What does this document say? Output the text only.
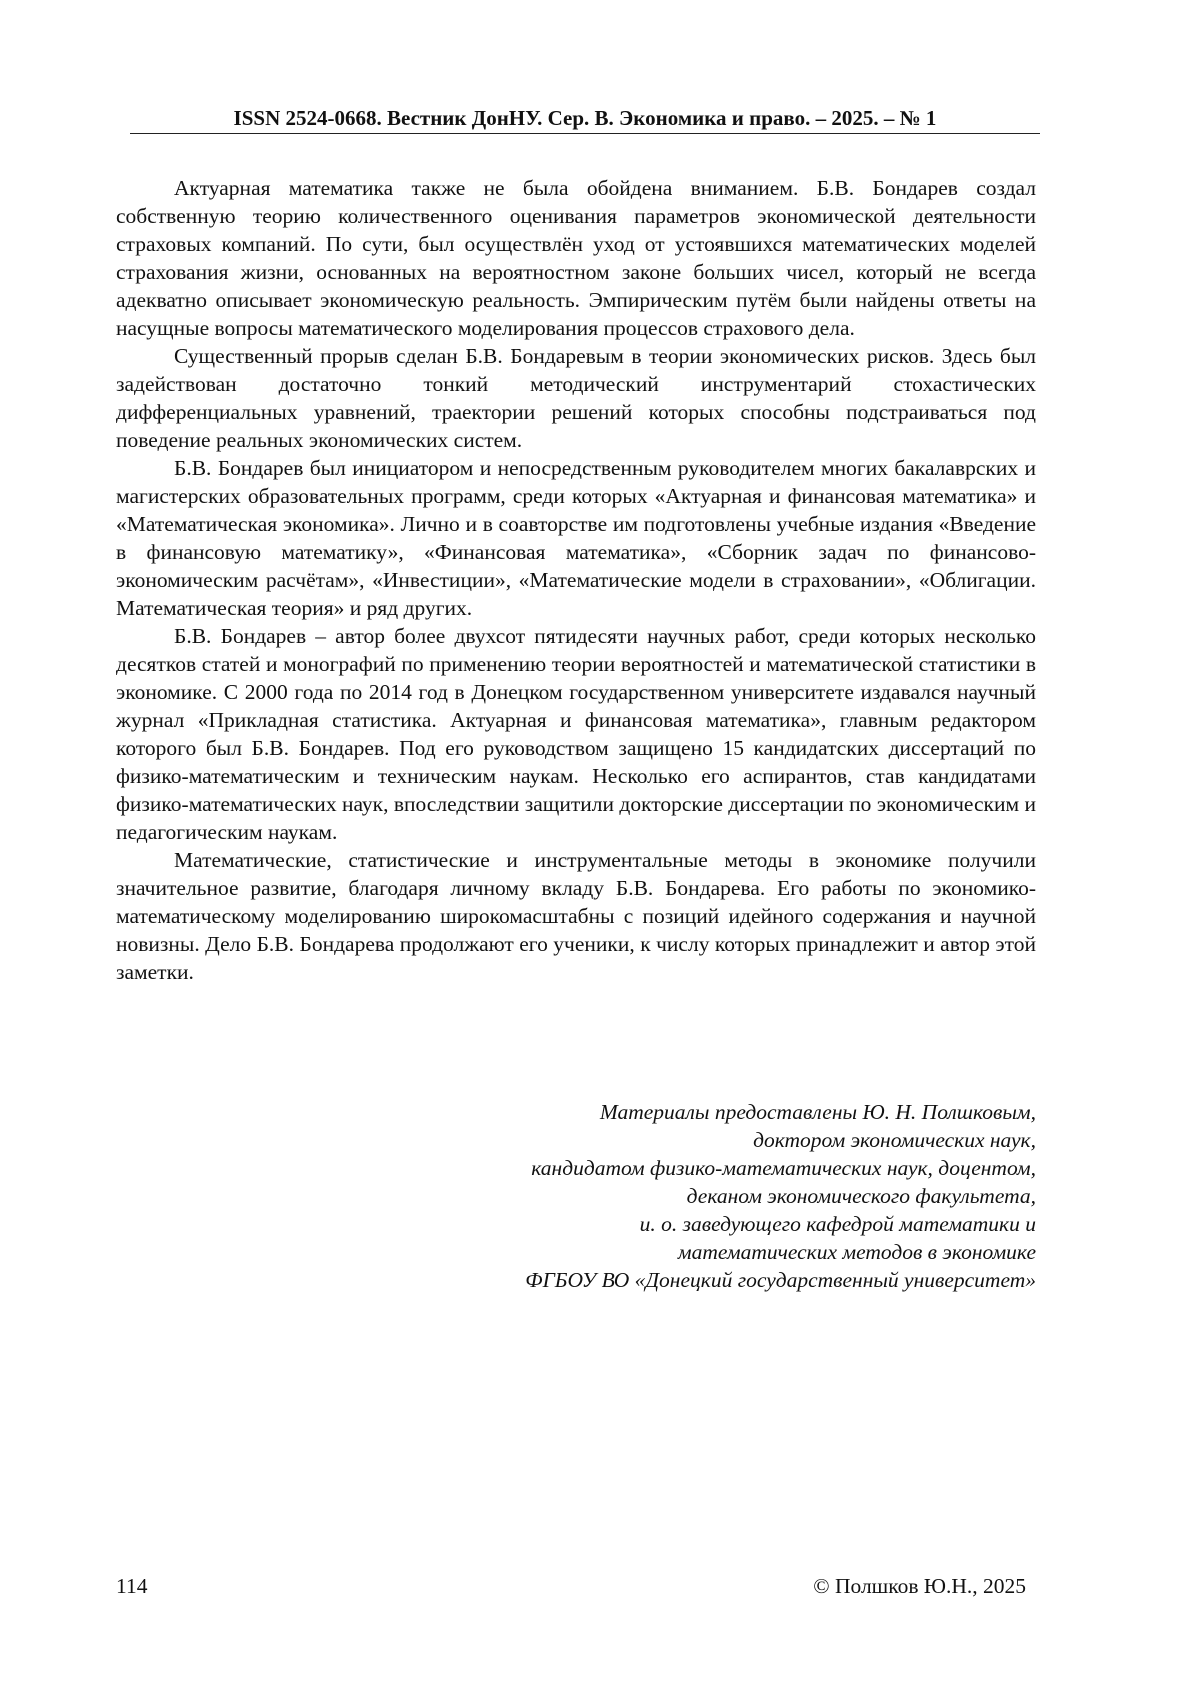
ISSN 2524-0668. Вестник ДонНУ. Сер. В. Экономика и право. – 2025. – № 1

Актуарная математика также не была обойдена вниманием. Б.В. Бондарев создал собственную теорию количественного оценивания параметров экономической деятельности страховых компаний. По сути, был осуществлён уход от устоявшихся математических моделей страхования жизни, основанных на вероятностном законе больших чисел, который не всегда адекватно описывает экономическую реальность. Эмпирическим путём были найдены ответы на насущные вопросы математического моделирования процессов страхового дела.

Существенный прорыв сделан Б.В. Бондаревым в теории экономических рисков. Здесь был задействован достаточно тонкий методический инструментарий стохастических дифференциальных уравнений, траектории решений которых способны подстраиваться под поведение реальных экономических систем.

Б.В. Бондарев был инициатором и непосредственным руководителем многих бакалаврских и магистерских образовательных программ, среди которых «Актуарная и финансовая математика» и «Математическая экономика». Лично и в соавторстве им подготовлены учебные издания «Введение в финансовую математику», «Финансовая математика», «Сборник задач по финансово-экономическим расчётам», «Инвестиции», «Математические модели в страховании», «Облигации. Математическая теория» и ряд других.

Б.В. Бондарев – автор более двухсот пятидесяти научных работ, среди которых несколько десятков статей и монографий по применению теории вероятностей и математической статистики в экономике. С 2000 года по 2014 год в Донецком государственном университете издавался научный журнал «Прикладная статистика. Актуарная и финансовая математика», главным редактором которого был Б.В. Бондарев. Под его руководством защищено 15 кандидатских диссертаций по физико-математическим и техническим наукам. Несколько его аспирантов, став кандидатами физико-математических наук, впоследствии защитили докторские диссертации по экономическим и педагогическим наукам.

Математические, статистические и инструментальные методы в экономике получили значительное развитие, благодаря личному вкладу Б.В. Бондарева. Его работы по экономико-математическому моделированию широкомасштабны с позиций идейного содержания и научной новизны. Дело Б.В. Бондарева продолжают его ученики, к числу которых принадлежит и автор этой заметки.

Материалы предоставлены Ю. Н. Полшковым,
доктором экономических наук,
кандидатом физико-математических наук, доцентом,
деканом экономического факультета,
и. о. заведующего кафедрой математики и
математических методов в экономике
ФГБОУ ВО «Донецкий государственный университет»
114	© Полшков Ю.Н., 2025
